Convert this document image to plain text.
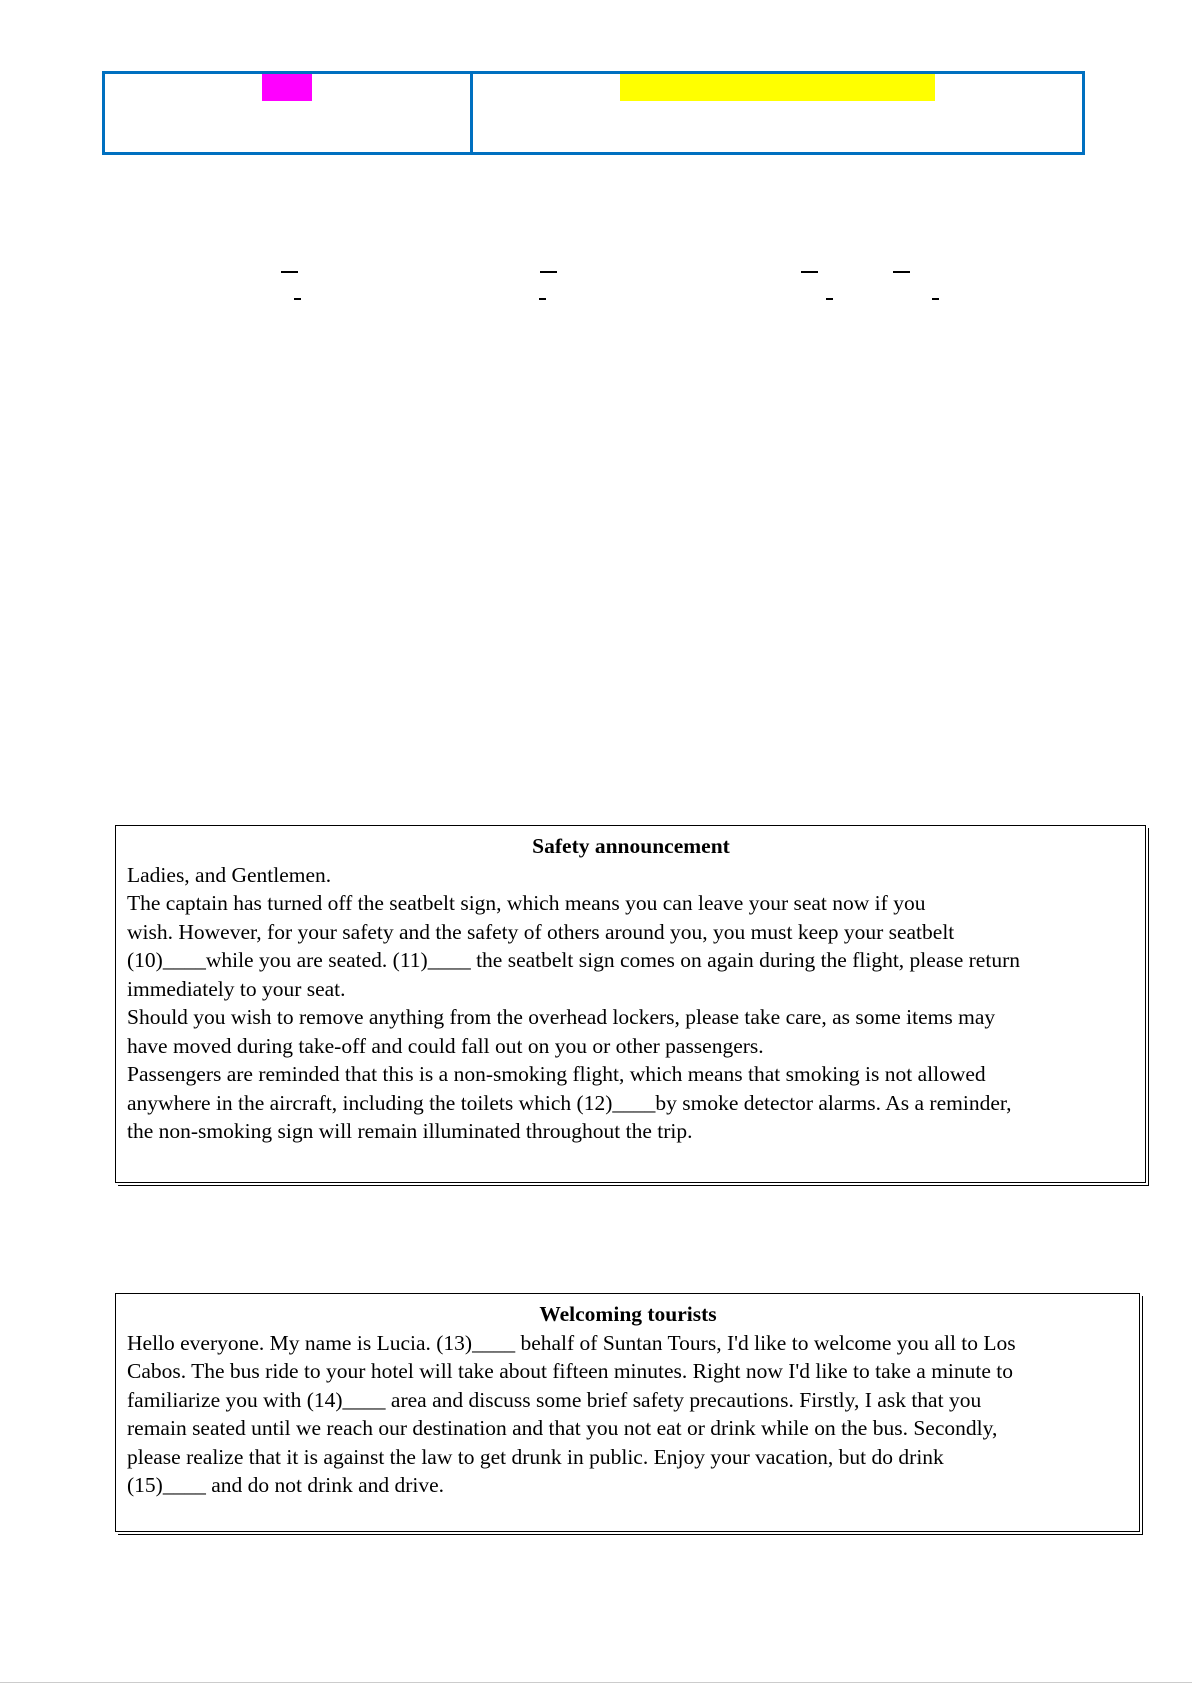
Safety announcement
Ladies, and Gentlemen.
The captain has turned off the seatbelt sign, which means you can leave your seat now if you
wish. However, for your safety and the safety of others around you, you must keep your seatbelt
(10)____while you are seated. (11)____ the seatbelt sign comes on again during the flight, please return
immediately to your seat.
Should you wish to remove anything from the overhead lockers, please take care, as some items may
have moved during take-off and could fall out on you or other passengers.
Passengers are reminded that this is a non-smoking flight, which means that smoking is not allowed
anywhere in the aircraft, including the toilets which (12)____by smoke detector alarms. As a reminder,
the non-smoking sign will remain illuminated throughout the trip.
Welcoming tourists
Hello everyone. My name is Lucia. (13)____ behalf of Suntan Tours, I'd like to welcome you all to Los
Cabos. The bus ride to your hotel will take about fifteen minutes. Right now I'd like to take a minute to
familiarize you with (14)____ area and discuss some brief safety precautions. Firstly, I ask that you
remain seated until we reach our destination and that you not eat or drink while on the bus. Secondly,
please realize that it is against the law to get drunk in public. Enjoy your vacation, but do drink
(15)____ and do not drink and drive.
